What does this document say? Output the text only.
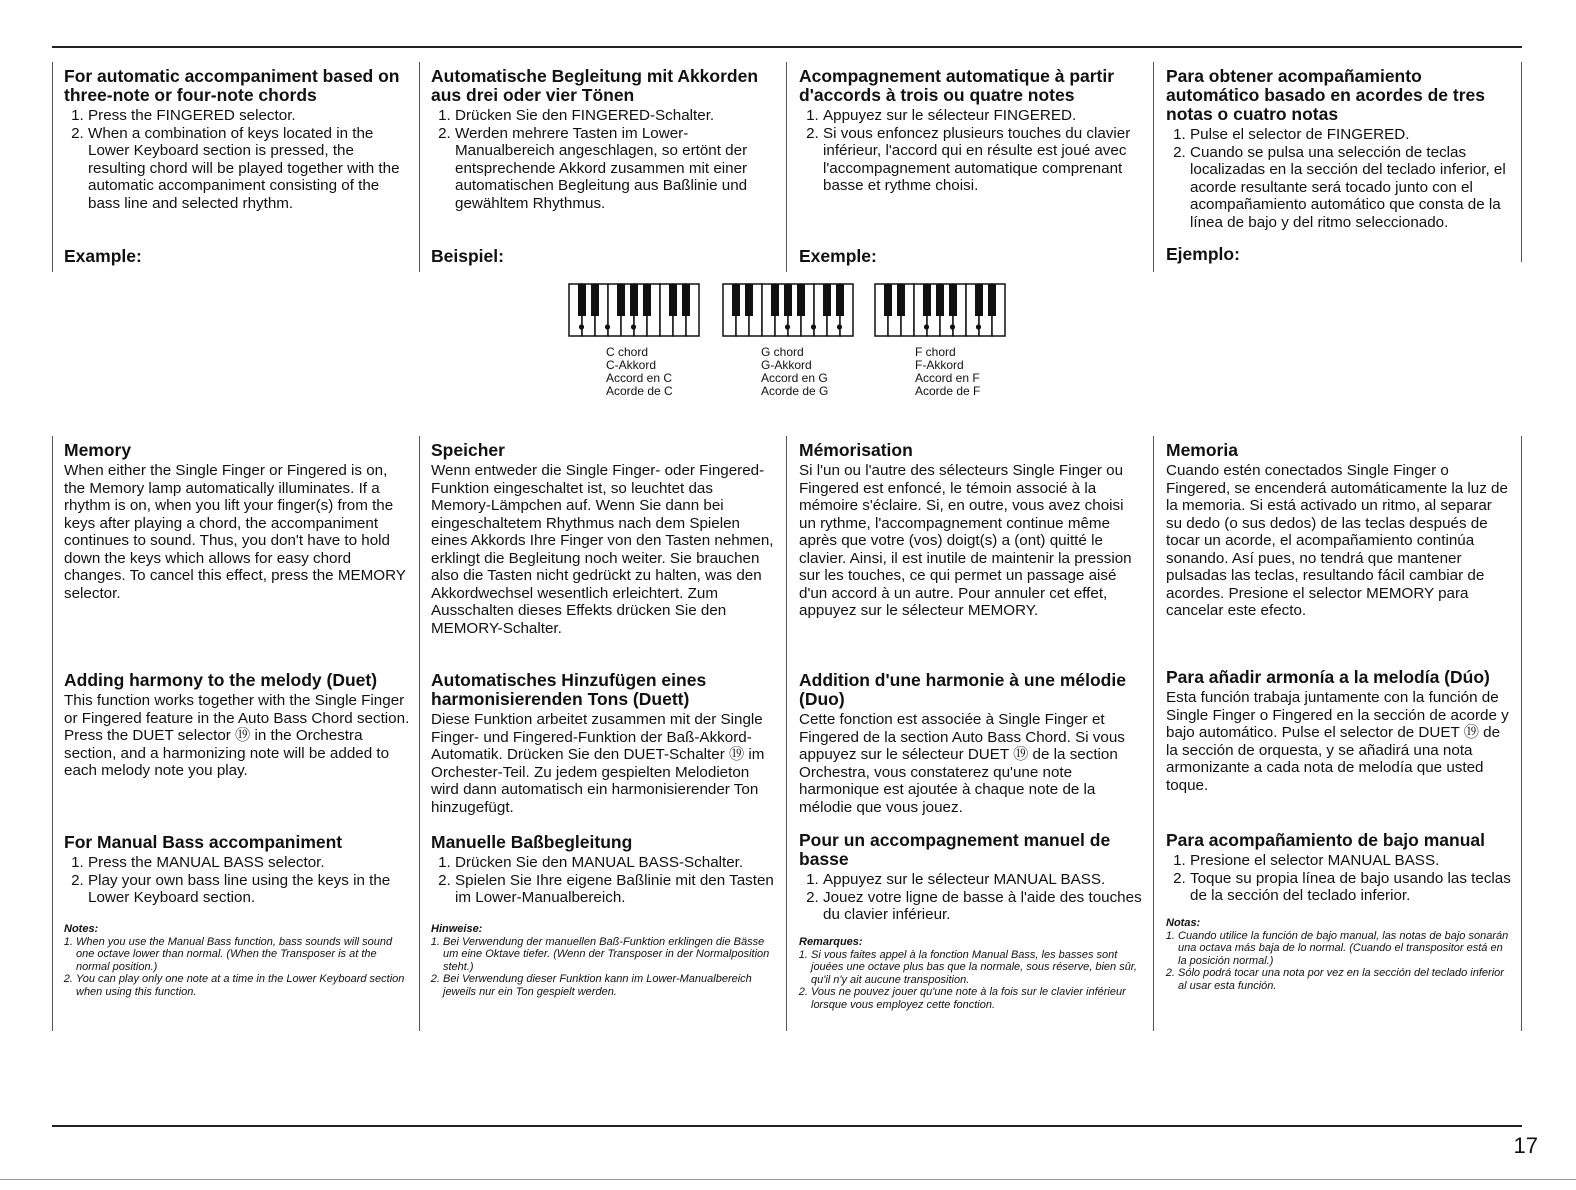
For automatic accompaniment based on three-note or four-note chords
1. Press the FINGERED selector.
2. When a combination of keys located in the Lower Keyboard section is pressed, the resulting chord will be played together with the automatic accompaniment consisting of the bass line and selected rhythm.
Example:
Memory

When either the Single Finger or Fingered is on, the Memory lamp automatically illuminates. If a rhythm is on, when you lift your finger(s) from the keys after playing a chord, the accompaniment continues to sound. Thus, you don't have to hold down the keys which allows for easy chord changes. To cancel this effect, press the MEMORY selector.

Adding harmony to the melody (Duet)

This function works together with the Single Finger or Fingered feature in the Auto Bass Chord section. Press the DUET selector ⑲ in the Orchestra section, and a harmonizing note will be added to each melody note you play.

For Manual Bass accompaniment
1. Press the MANUAL BASS selector.
2. Play your own bass line using the keys in the Lower Keyboard section.

Notes:

1. When you use the Manual Bass function, bass sounds will sound one octave lower than normal. (When the Transposer is at the normal position.)
2. You can play only one note at a time in the Lower Keyboard section when using this function.
Automatische Begleitung mit Akkorden aus drei oder vier Tönen
1. Drücken Sie den FINGERED-Schalter.
2. Werden mehrere Tasten im Lower-Manualbereich angeschlagen, so ertönt der entsprechende Akkord zusammen mit einer automatischen Begleitung aus Baßlinie und gewähltem Rhythmus.
Beispiel:
Speicher

Wenn entweder die Single Finger- oder Fingered-Funktion eingeschaltet ist, so leuchtet das Memory-Lämpchen auf. Wenn Sie dann bei eingeschaltetem Rhythmus nach dem Spielen eines Akkords Ihre Finger von den Tasten nehmen, erklingt die Begleitung noch weiter. Sie brauchen also die Tasten nicht gedrückt zu halten, was den Akkordwechsel wesentlich erleichtert. Zum Ausschalten dieses Effekts drücken Sie den MEMORY-Schalter.

Automatisches Hinzufügen eines harmonisierenden Tons (Duett)

Diese Funktion arbeitet zusammen mit der Single Finger- und Fingered-Funktion der Baß-Akkord-Automatik. Drücken Sie den DUET-Schalter ⑲ im Orchester-Teil. Zu jedem gespielten Melodieton wird dann automatisch ein harmonisierender Ton hinzugefügt.

Manuelle Baßbegleitung
1. Drücken Sie den MANUAL BASS-Schalter.
2. Spielen Sie Ihre eigene Baßlinie mit den Tasten im Lower-Manualbereich.

Hinweise:

1. Bei Verwendung der manuellen Baß-Funktion erklingen die Bässe um eine Oktave tiefer. (Wenn der Transposer in der Normalposition steht.)
2. Bei Verwendung dieser Funktion kann im Lower-Manualbereich jeweils nur ein Ton gespielt werden.
Acompagnement automatique à partir d'accords à trois ou quatre notes
1. Appuyez sur le sélecteur FINGERED.
2. Si vous enfoncez plusieurs touches du clavier inférieur, l'accord qui en résulte est joué avec l'accompagnement automatique comprenant basse et rythme choisi.
Exemple:
Mémorisation

Si l'un ou l'autre des sélecteurs Single Finger ou Fingered est enfoncé, le témoin associé à la mémoire s'éclaire. Si, en outre, vous avez choisi un rythme, l'accompagnement continue même après que votre (vos) doigt(s) a (ont) quitté le clavier. Ainsi, il est inutile de maintenir la pression sur les touches, ce qui permet un passage aisé d'un accord à un autre. Pour annuler cet effet, appuyez sur le sélecteur MEMORY.

Addition d'une harmonie à une mélodie (Duo)

Cette fonction est associée à Single Finger et Fingered de la section Auto Bass Chord. Si vous appuyez sur le sélecteur DUET ⑲ de la section Orchestra, vous constaterez qu'une note harmonique est ajoutée à chaque note de la mélodie que vous jouez.

Pour un accompagnement manuel de basse
1. Appuyez sur le sélecteur MANUAL BASS.
2. Jouez votre ligne de basse à l'aide des touches du clavier inférieur.

Remarques:

1. Si vous faites appel à la fonction Manual Bass, les basses sont jouées une octave plus bas que la normale, sous réserve, bien sûr, qu'il n'y ait aucune transposition.
2. Vous ne pouvez jouer qu'une note à la fois sur le clavier inférieur lorsque vous employez cette fonction.
Para obtener acompañamiento automático basado en acordes de tres notas o cuatro notas
1. Pulse el selector de FINGERED.
2. Cuando se pulsa una selección de teclas localizadas en la sección del teclado inferior, el acorde resultante será tocado junto con el acompañamiento automático que consta de la línea de bajo y del ritmo seleccionado.
Ejemplo:
Memoria

Cuando estén conectados Single Finger o Fingered, se encenderá automáticamente la luz de la memoria. Si está activado un ritmo, al separar su dedo (o sus dedos) de las teclas después de tocar un acorde, el acompañamiento continúa sonando. Así pues, no tendrá que mantener pulsadas las teclas, resultando fácil cambiar de acordes. Presione el selector MEMORY para cancelar este efecto.

Para añadir armonía a la melodía (Dúo)

Esta función trabaja juntamente con la función de Single Finger o Fingered en la sección de acorde y bajo automático. Pulse el selector de DUET ⑲ de la sección de orquesta, y se añadirá una nota armonizante a cada nota de melodía que usted toque.

Para acompañamiento de bajo manual
1. Presione el selector MANUAL BASS.
2. Toque su propia línea de bajo usando las teclas de la sección del teclado inferior.

Notas:

1. Cuando utilice la función de bajo manual, las notas de bajo sonarán una octava más baja de lo normal. (Cuando el transpositor está en la posición normal.)
2. Sólo podrá tocar una nota por vez en la sección del teclado inferior al usar esta función.
C chord
C-Akkord
Accord en C
Acorde de C
G chord
G-Akkord
Accord en G
Acorde de G
F chord
F-Akkord
Accord en F
Acorde de F
17
